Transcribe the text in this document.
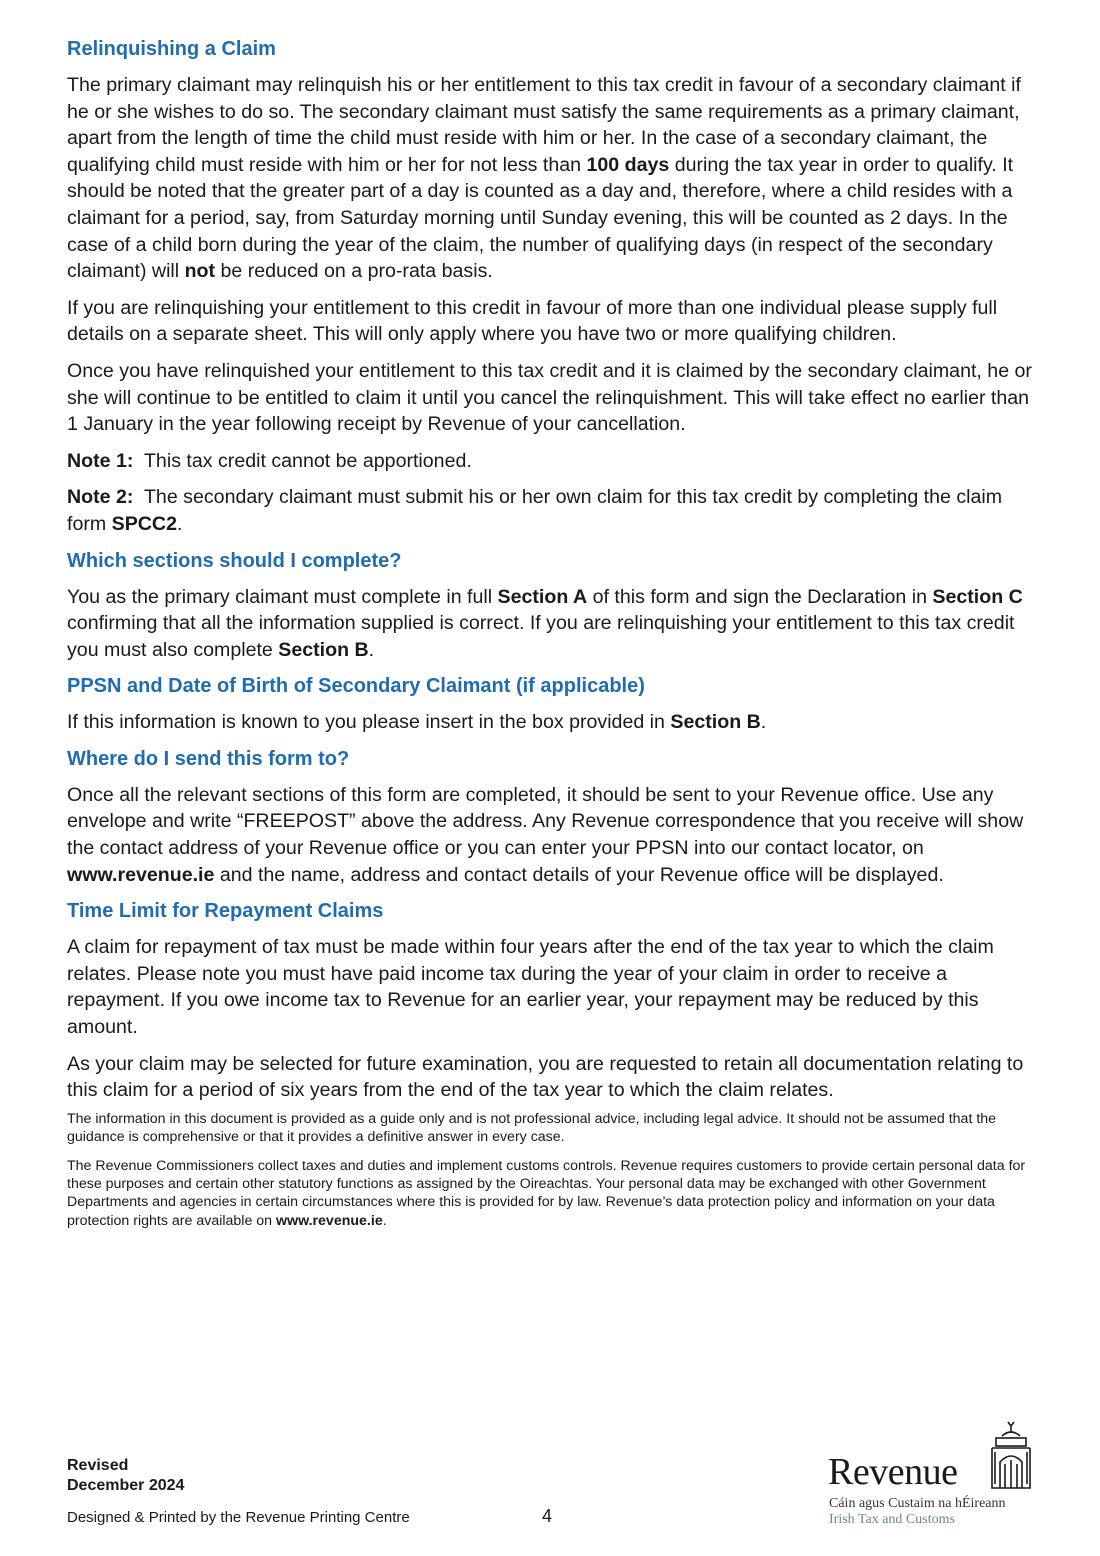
Relinquishing a Claim

The primary claimant may relinquish his or her entitlement to this tax credit in favour of a secondary claimant if he or she wishes to do so. The secondary claimant must satisfy the same requirements as a primary claimant, apart from the length of time the child must reside with him or her. In the case of a secondary claimant, the qualifying child must reside with him or her for not less than 100 days during the tax year in order to qualify. It should be noted that the greater part of a day is counted as a day and, therefore, where a child resides with a claimant for a period, say, from Saturday morning until Sunday evening, this will be counted as 2 days. In the case of a child born during the year of the claim, the number of qualifying days (in respect of the secondary claimant) will not be reduced on a pro-rata basis.

If you are relinquishing your entitlement to this credit in favour of more than one individual please supply full details on a separate sheet. This will only apply where you have two or more qualifying children.

Once you have relinquished your entitlement to this tax credit and it is claimed by the secondary claimant, he or she will continue to be entitled to claim it until you cancel the relinquishment. This will take effect no earlier than 1 January in the year following receipt by Revenue of your cancellation.

Note 1: This tax credit cannot be apportioned.

Note 2: The secondary claimant must submit his or her own claim for this tax credit by completing the claim form SPCC2.

Which sections should I complete?

You as the primary claimant must complete in full Section A of this form and sign the Declaration in Section C confirming that all the information supplied is correct. If you are relinquishing your entitlement to this tax credit you must also complete Section B.

PPSN and Date of Birth of Secondary Claimant (if applicable)

If this information is known to you please insert in the box provided in Section B.

Where do I send this form to?

Once all the relevant sections of this form are completed, it should be sent to your Revenue office. Use any envelope and write “FREEPOST” above the address. Any Revenue correspondence that you receive will show the contact address of your Revenue office or you can enter your PPSN into our contact locator, on www.revenue.ie and the name, address and contact details of your Revenue office will be displayed.

Time Limit for Repayment Claims

A claim for repayment of tax must be made within four years after the end of the tax year to which the claim relates. Please note you must have paid income tax during the year of your claim in order to receive a repayment. If you owe income tax to Revenue for an earlier year, your repayment may be reduced by this amount.

As your claim may be selected for future examination, you are requested to retain all documentation relating to this claim for a period of six years from the end of the tax year to which the claim relates.

The information in this document is provided as a guide only and is not professional advice, including legal advice. It should not be assumed that the guidance is comprehensive or that it provides a definitive answer in every case.

The Revenue Commissioners collect taxes and duties and implement customs controls. Revenue requires customers to provide certain personal data for these purposes and certain other statutory functions as assigned by the Oireachtas. Your personal data may be exchanged with other Government Departments and agencies in certain circumstances where this is provided for by law. Revenue’s data protection policy and information on your data protection rights are available on www.revenue.ie.

Revised
December 2024
Designed & Printed by the Revenue Printing Centre	4
Revenue
Cáin agus Custaim na hÉireann
Irish Tax and Customs
